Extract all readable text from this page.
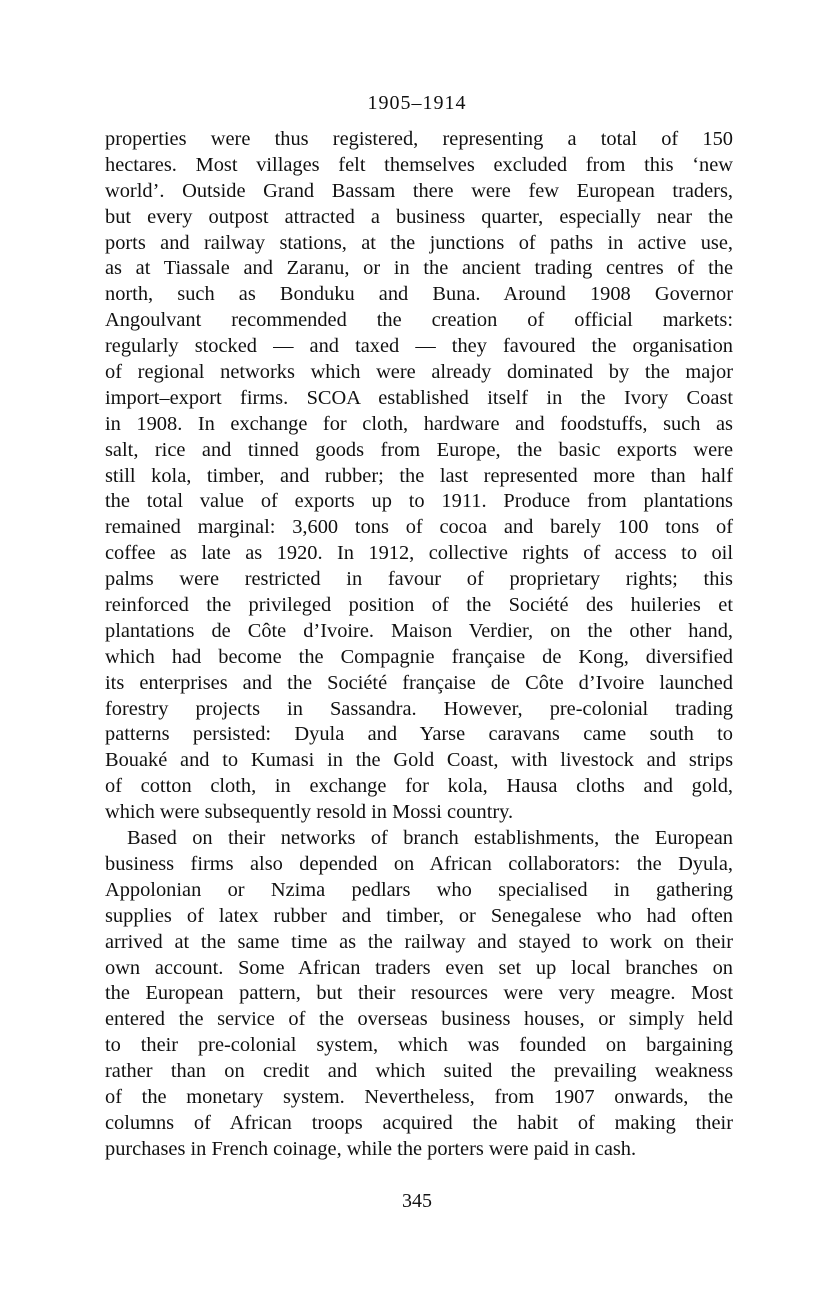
1905–1914
properties were thus registered, representing a total of 150
hectares. Most villages felt themselves excluded from this ‘new
world’. Outside Grand Bassam there were few European traders,
but every outpost attracted a business quarter, especially near the
ports and railway stations, at the junctions of paths in active use,
as at Tiassale and Zaranu, or in the ancient trading centres of the
north, such as Bonduku and Buna. Around 1908 Governor
Angoulvant recommended the creation of official markets:
regularly stocked — and taxed — they favoured the organisation
of regional networks which were already dominated by the major
import–export firms. SCOA established itself in the Ivory Coast
in 1908. In exchange for cloth, hardware and foodstuffs, such as
salt, rice and tinned goods from Europe, the basic exports were
still kola, timber, and rubber; the last represented more than half
the total value of exports up to 1911. Produce from plantations
remained marginal: 3,600 tons of cocoa and barely 100 tons of
coffee as late as 1920. In 1912, collective rights of access to oil
palms were restricted in favour of proprietary rights; this
reinforced the privileged position of the Société des huileries et
plantations de Côte d’Ivoire. Maison Verdier, on the other hand,
which had become the Compagnie française de Kong, diversified
its enterprises and the Société française de Côte d’Ivoire launched
forestry projects in Sassandra. However, pre-colonial trading
patterns persisted: Dyula and Yarse caravans came south to
Bouaké and to Kumasi in the Gold Coast, with livestock and strips
of cotton cloth, in exchange for kola, Hausa cloths and gold,
which were subsequently resold in Mossi country.
Based on their networks of branch establishments, the European
business firms also depended on African collaborators: the Dyula,
Appolonian or Nzima pedlars who specialised in gathering
supplies of latex rubber and timber, or Senegalese who had often
arrived at the same time as the railway and stayed to work on their
own account. Some African traders even set up local branches on
the European pattern, but their resources were very meagre. Most
entered the service of the overseas business houses, or simply held
to their pre-colonial system, which was founded on bargaining
rather than on credit and which suited the prevailing weakness
of the monetary system. Nevertheless, from 1907 onwards, the
columns of African troops acquired the habit of making their
purchases in French coinage, while the porters were paid in cash.
345
